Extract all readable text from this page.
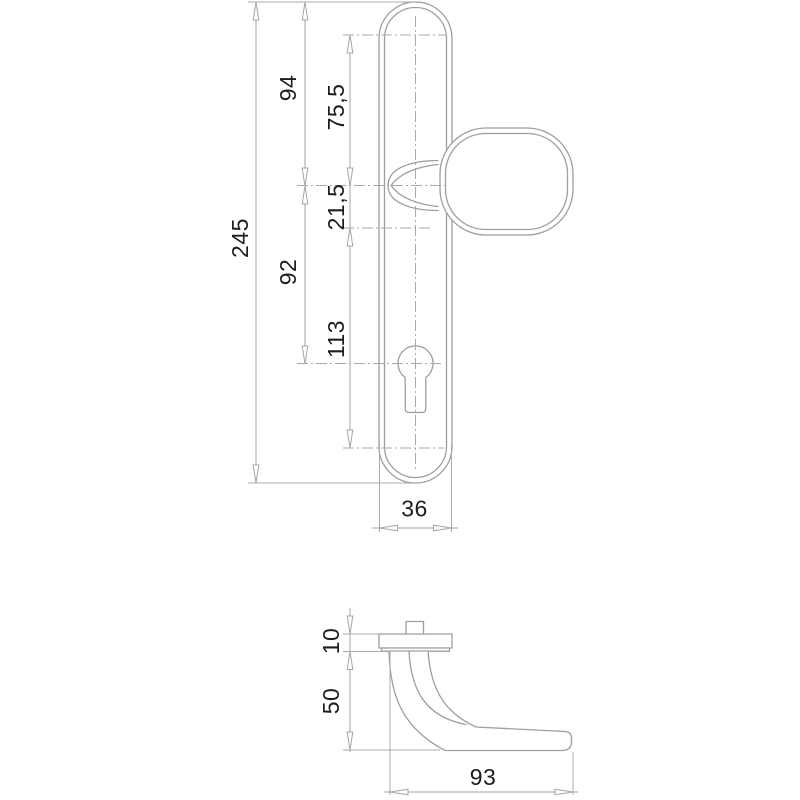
245
94 75,5
21,5
92
113
36
10
50
93
